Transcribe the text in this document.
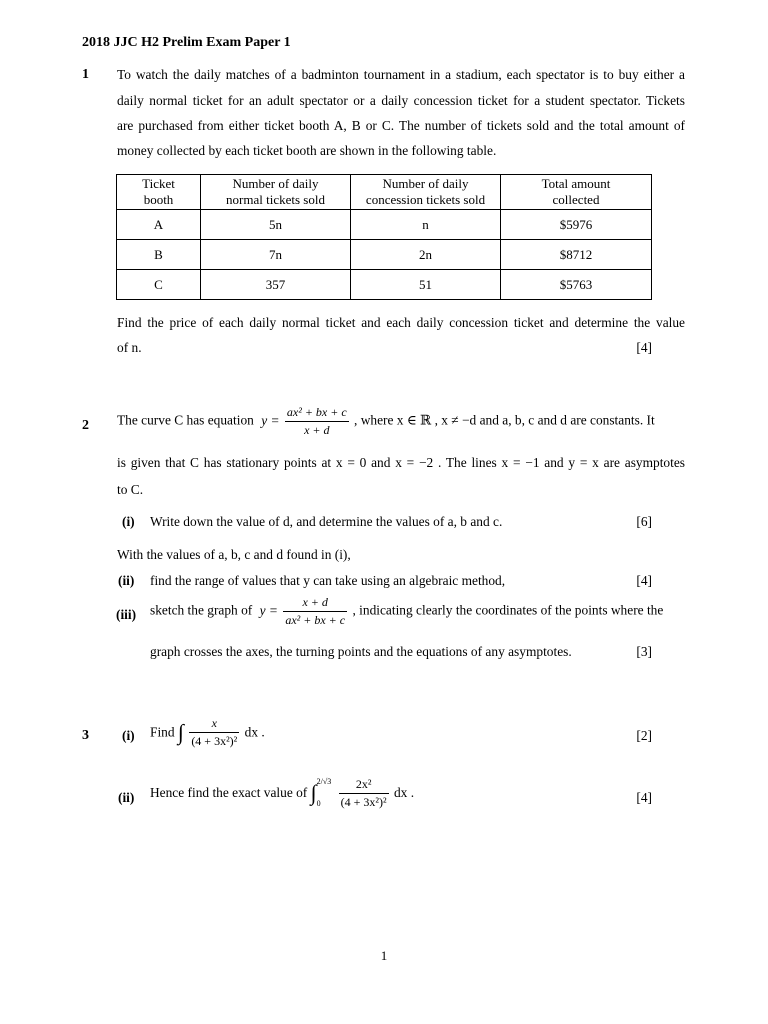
2018 JJC H2 Prelim Exam Paper 1
1 To watch the daily matches of a badminton tournament in a stadium, each spectator is to buy either a
daily normal ticket for an adult spectator or a daily concession ticket for a student spectator. Tickets
are purchased from either ticket booth A, B or C. The number of tickets sold and the total amount of
money collected by each ticket booth are shown in the following table.
Ticket booth	Number of daily normal tickets sold	Number of daily concession tickets sold	Total amount collected
A	5n	n	$5976
B	7n	2n	$8712
C	357	51	$5763
Find the price of each daily normal ticket and each daily concession ticket and determine the value
of n.	[4]
2 The curve C has equation $y = \frac{\text{ax² + bx + c}}{x + d}$ , where x ∈ ℝ , x ≠ −d and a, b, c and d are constants. It
is given that C has stationary points at x = 0 and x = −2 . The lines x = −1 and y = x are asymptotes
to C.
(i) Write down the value of d, and determine the values of a, b and c.	[6]
With the values of a, b, c and d found in (i),
(ii) find the range of values that y can take using an algebraic method,	[4]
(iii) sketch the graph of $y = \frac{x + d}{\text{ax² + bx + c}}$ , indicating clearly the coordinates of the points where the
graph crosses the axes, the turning points and the equations of any asymptotes.	[3]
3 (i) Find ∫ $\frac{x}{\text{(4 + 3x²)²}}$ dx .	[2]
(ii) Hence find the exact value of ∫ 2/√3
0
	$\frac{\text{2x²}}{\text{(4 + 3x²)²}}$ dx .	[4]
1
